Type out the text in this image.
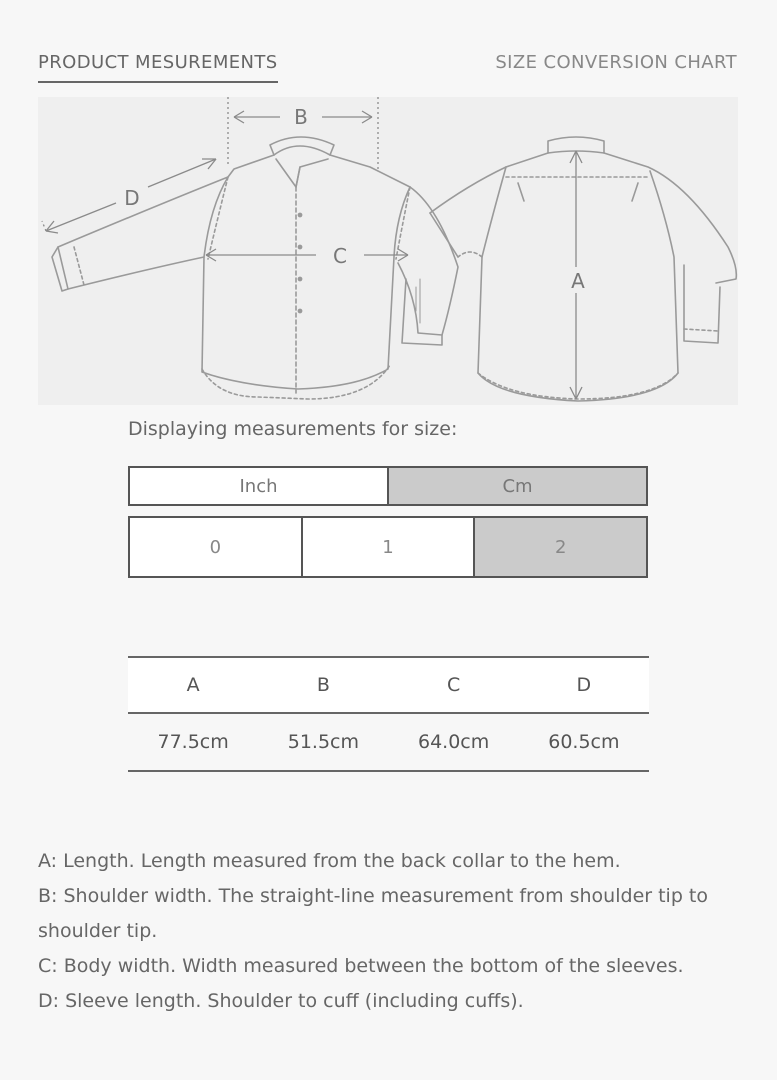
PRODUCT MESUREMENTS	SIZE CONVERSION CHART
B
C
A
D
Displaying measurements for size:
Inch	Cm
0	1	2
A	B	C	D
77.5cm	51.5cm	64.0cm	60.5cm

A: Length. Length measured from the back collar to the hem.

B: Shoulder width. The straight-line measurement from shoulder tip to shoulder tip.

C: Body width. Width measured between the bottom of the sleeves.

D: Sleeve length. Shoulder to cuff (including cuffs).
